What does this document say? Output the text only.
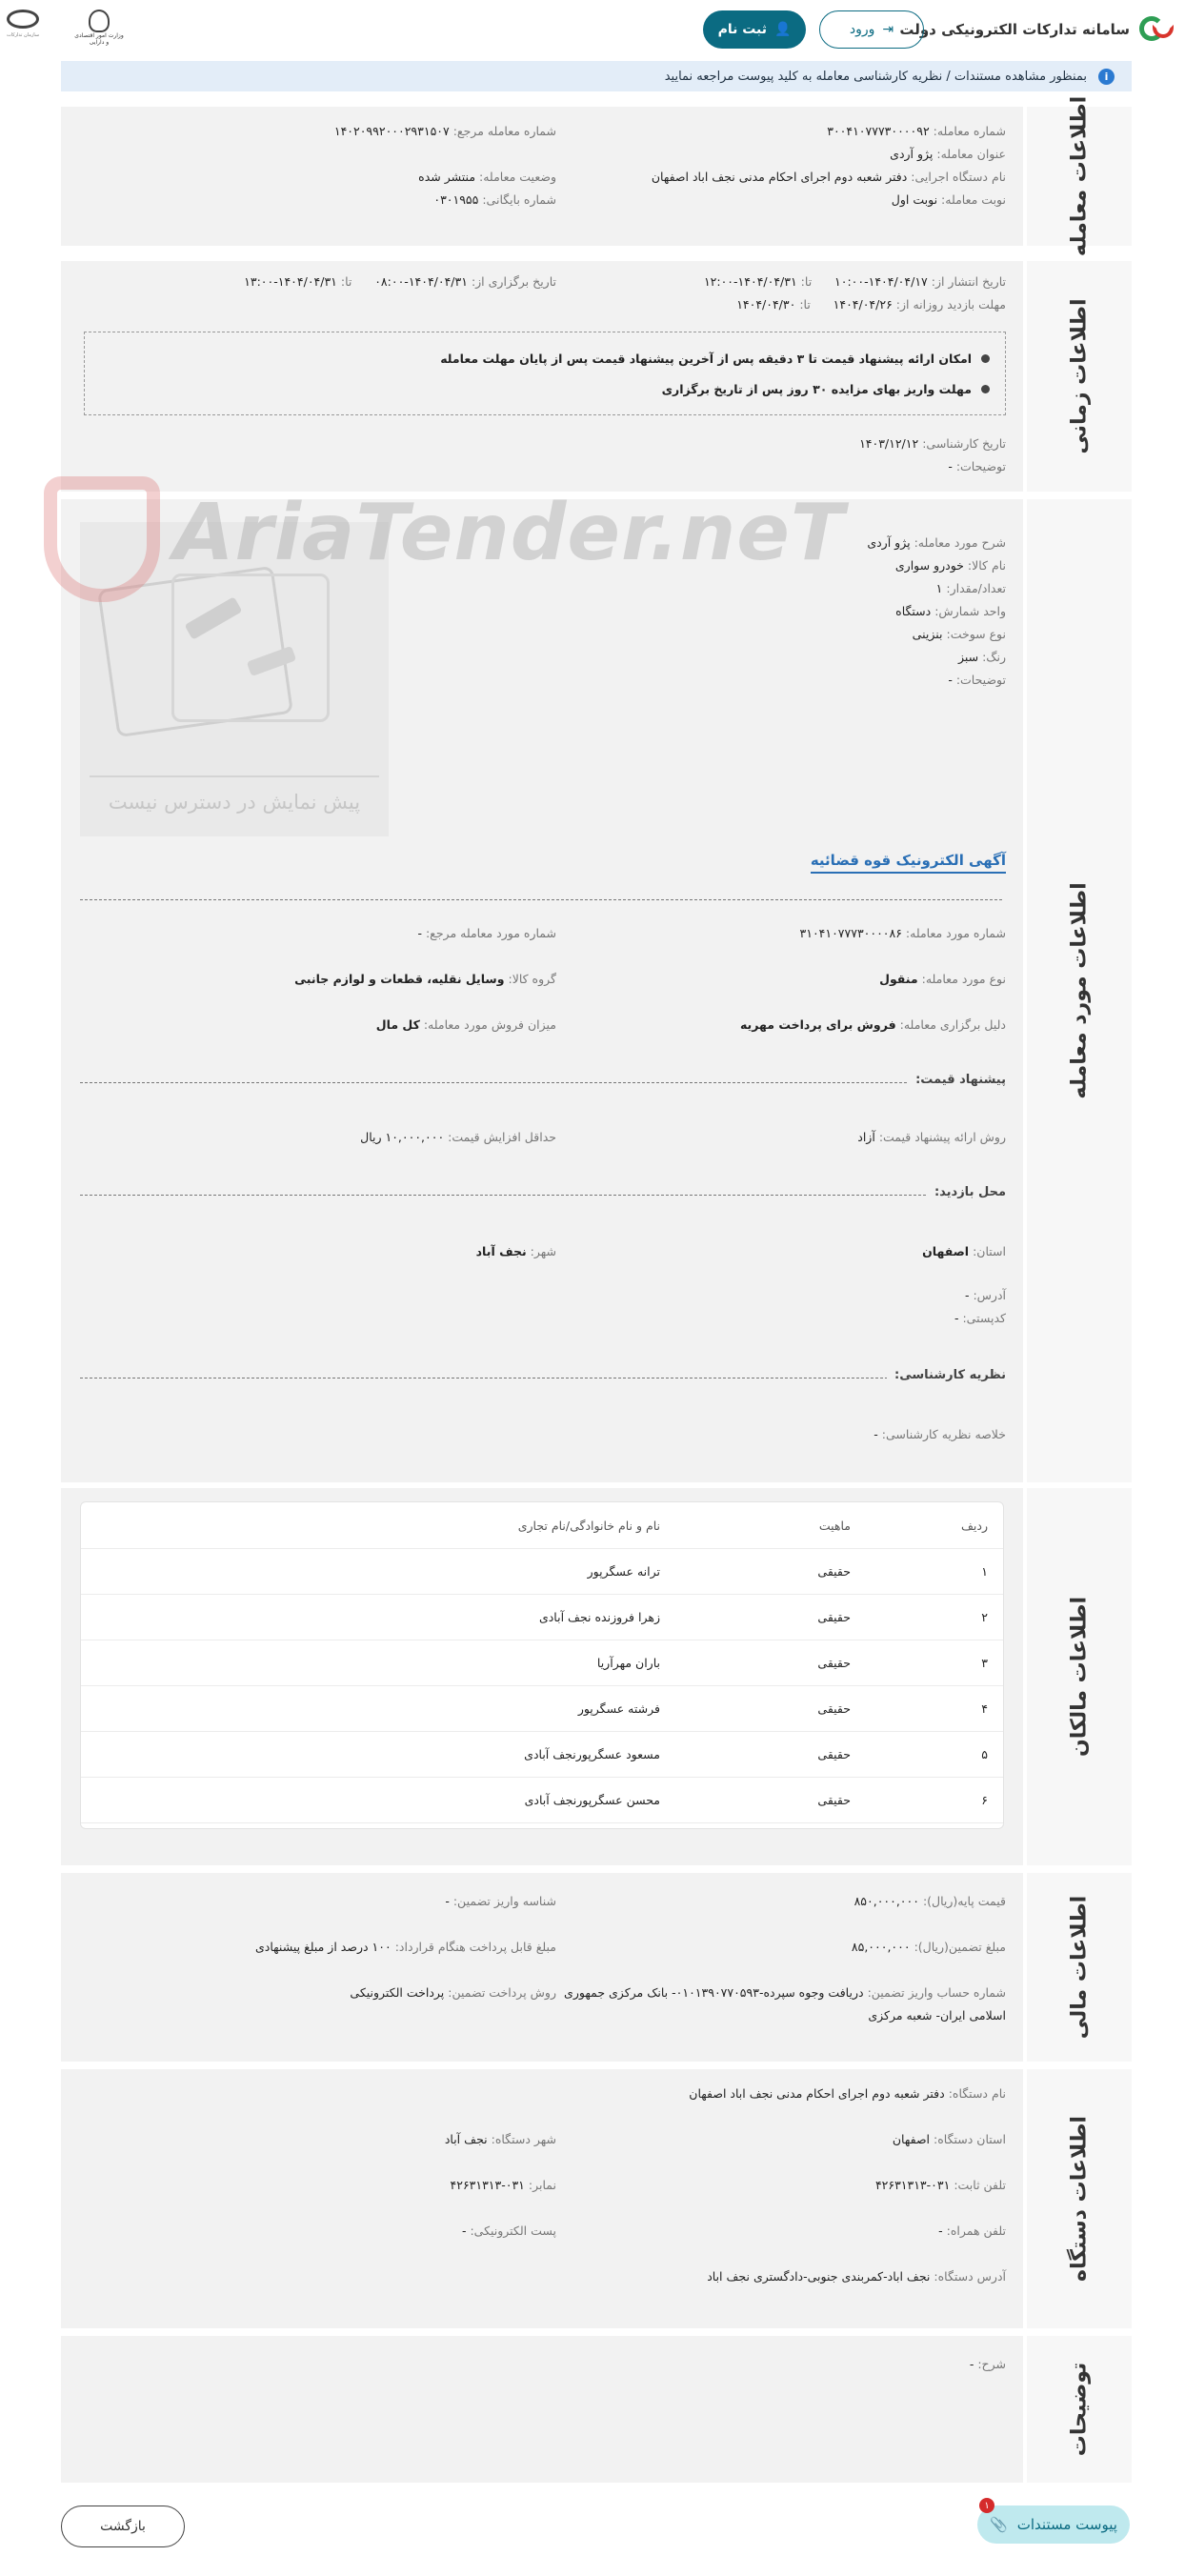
سامانه تدارکات الکترونیکی دولت
⇥
ورود
👤
ثبت نام
وزارت امور اقتصادی و دارایی
سازمان تدارکات
i
بمنظور مشاهده مستندات / نظریه کارشناسی معامله به کلید پیوست مراجعه نمایید
اطلاعات معامله
شماره معامله: ۳۰۰۴۱۰۷۷۷۳۰۰۰۰۹۲
شماره معامله مرجع: ۱۴۰۲۰۹۹۲۰۰۰۲۹۳۱۵۰۷
عنوان معامله: پژو آردی
نام دستگاه اجرایی: دفتر شعبه دوم اجرای احکام مدنی نجف اباد اصفهان
وضعیت معامله: منتشر شده
نوبت معامله: نوبت اول
شماره بایگانی: ۰۳۰۱۹۵۵
اطلاعات زمانی
تاریخ انتشار از: ۱۴۰۴/۰۴/۱۷-۱۰:۰۰      تا: ۱۴۰۴/۰۴/۳۱-۱۲:۰۰
تاریخ برگزاری از: ۱۴۰۴/۰۴/۳۱-۰۸:۰۰      تا: ۱۴۰۴/۰۴/۳۱-۱۳:۰۰
مهلت بازدید روزانه از: ۱۴۰۴/۰۴/۲۶      تا: ۱۴۰۴/۰۴/۳۰
امکان ارائه پیشنهاد قیمت تا ۳ دقیقه پس از آخرین پیشنهاد قیمت پس از پایان مهلت معامله
مهلت واریز بهای مزایده ۳۰ روز پس از تاریخ برگزاری
تاریخ کارشناسی: ۱۴۰۳/۱۲/۱۲
توضیحات: -
اطلاعات مورد معامله
شرح مورد معامله: پژو آردی
نام کالا: خودرو سواری
تعداد/مقدار: ۱
واحد شمارش: دستگاه
نوع سوخت: بنزینی
رنگ: سبز
توضیحات: -
آگهی الکترونیک قوه قضائیه
شماره مورد معامله: ۳۱۰۴۱۰۷۷۷۳۰۰۰۰۸۶
شماره مورد معامله مرجع: -
نوع مورد معامله: منقول
گروه کالا: وسایل نقلیه، قطعات و لوازم جانبی
دلیل برگزاری معامله: فروش برای پرداخت مهریه
میزان فروش مورد معامله: کل مال
پیشنهاد قیمت:
روش ارائه پیشنهاد قیمت: آزاد
حداقل افزایش قیمت: ۱۰,۰۰۰,۰۰۰ ریال
محل بازدید:
استان: اصفهان
شهر: نجف آباد
آدرس: -
کدپستی: -
نظریه کارشناسی:
خلاصه نظریه کارشناسی: -
پیش نمایش در دسترس نیست
AriaTender.neT
اطلاعات مالکان
ردیف
ماهیت
نام و نام خانوادگی/نام تجاری
۱
حقیقی
ترانه عسگرپور
۲
حقیقی
زهرا فروزنده نجف آبادی
۳
حقیقی
باران مهرآریا
۴
حقیقی
فرشته عسگرپور
۵
حقیقی
مسعود عسگرپورنجف آبادی
۶
حقیقی
محسن عسگرپورنجف آبادی
اطلاعات مالی
قیمت پایه(ریال): ۸۵۰,۰۰۰,۰۰۰
شناسه واریز تضمین: -
مبلغ تضمین(ریال): ۸۵,۰۰۰,۰۰۰
مبلغ قابل پرداخت هنگام قرارداد: ۱۰۰ درصد از مبلغ پیشنهادی
شماره حساب واریز تضمین: دریافت وجوه سپرده-۰۱۰۱۳۹۰۷۷۰۵۹۳- بانک مرکزی جمهوری
اسلامی ایران- شعبه مرکزی
روش پرداخت تضمین: پرداخت الکترونیکی
اطلاعات دستگاه
نام دستگاه: دفتر شعبه دوم اجرای احکام مدنی نجف اباد اصفهان
استان دستگاه: اصفهان
شهر دستگاه: نجف آباد
تلفن ثابت: ۰۳۱-۴۲۶۳۱۳۱۳
نمابر: ۰۳۱-۴۲۶۳۱۳۱۳
تلفن همراه: -
پست الکترونیکی: -
آدرس دستگاه: نجف اباد-کمربندی جنوبی-دادگستری نجف اباد
توضیحات
شرح: -
بازگشت	پیوست مستندات
📎
۱
